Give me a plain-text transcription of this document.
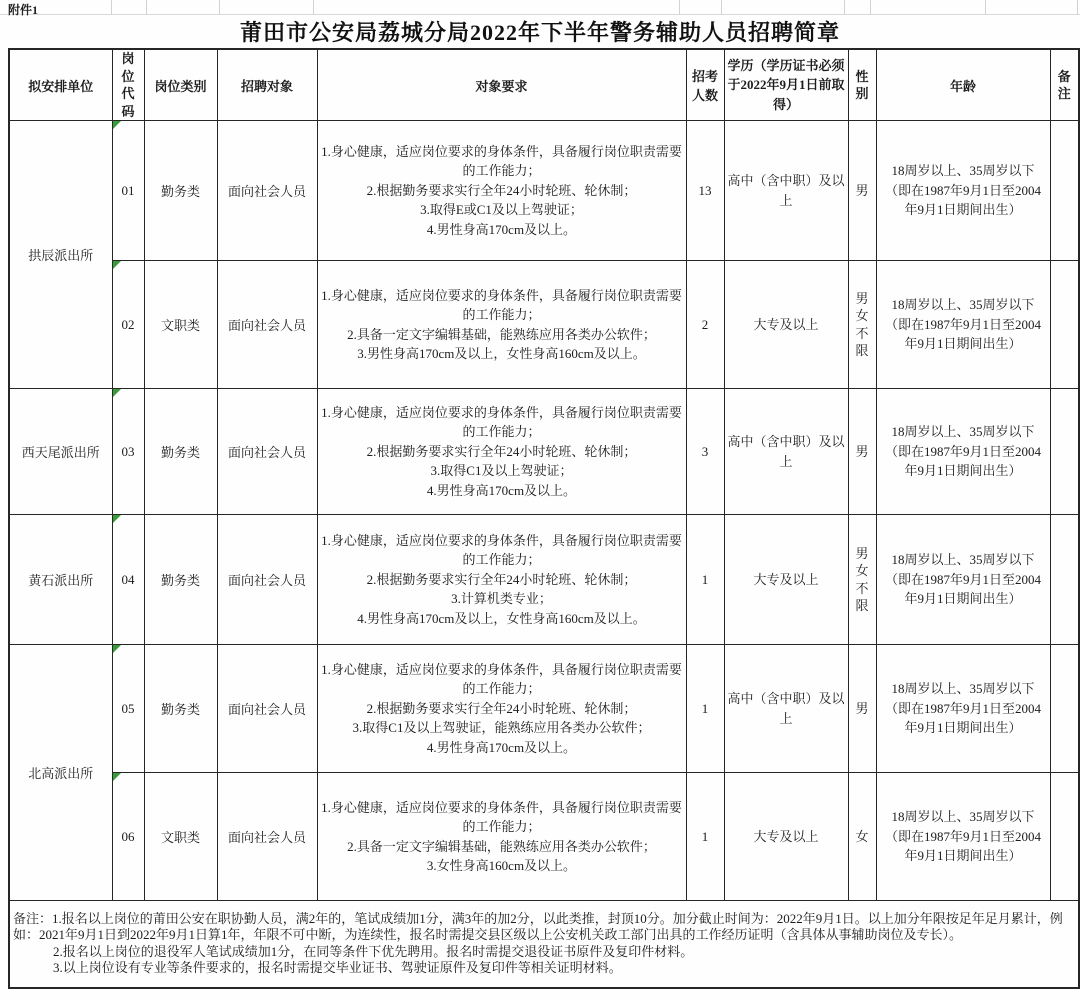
附件1
莆田市公安局荔城分局2022年下半年警务辅助人员招聘简章
拟安排单位	岗位代码	岗位类别	招聘对象	对象要求	招考人数	学历（学历证书必须于2022年9月1日前取得）	性别	年龄	备注
拱辰派出所	01	勤务类	面向社会人员	1.身心健康，适应岗位要求的身体条件，具备履行岗位职责需要的工作能力；
2.根据勤务要求实行全年24小时轮班、轮休制；
3.取得E或C1及以上驾驶证；
4.男性身高170cm及以上。	13	高中（含中职）及以上	男	18周岁以上、35周岁以下（即在1987年9月1日至2004年9月1日期间出生）	

02	文职类	面向社会人员	1.身心健康，适应岗位要求的身体条件，具备履行岗位职责需要的工作能力；
2.具备一定文字编辑基础，能熟练应用各类办公软件；
3.男性身高170cm及以上，女性身高160cm及以上。	2	大专及以上	男女不限	18周岁以上、35周岁以下（即在1987年9月1日至2004年9月1日期间出生）	
西天尾派出所	03	勤务类	面向社会人员	1.身心健康，适应岗位要求的身体条件，具备履行岗位职责需要的工作能力；
2.根据勤务要求实行全年24小时轮班、轮休制；
3.取得C1及以上驾驶证；
4.男性身高170cm及以上。	3	高中（含中职）及以上	男	18周岁以上、35周岁以下（即在1987年9月1日至2004年9月1日期间出生）	
黄石派出所	04	勤务类	面向社会人员	1.身心健康，适应岗位要求的身体条件，具备履行岗位职责需要的工作能力；
2.根据勤务要求实行全年24小时轮班、轮休制；
3.计算机类专业；
4.男性身高170cm及以上，女性身高160cm及以上。	1	大专及以上	男女不限	18周岁以上、35周岁以下（即在1987年9月1日至2004年9月1日期间出生）	
北高派出所	05	勤务类	面向社会人员	1.身心健康，适应岗位要求的身体条件，具备履行岗位职责需要的工作能力；
2.根据勤务要求实行全年24小时轮班、轮休制；
3.取得C1及以上驾驶证，能熟练应用各类办公软件；
4.男性身高170cm及以上。	1	高中（含中职）及以上	男	18周岁以上、35周岁以下（即在1987年9月1日至2004年9月1日期间出生）	

06	文职类	面向社会人员	1.身心健康，适应岗位要求的身体条件，具备履行岗位职责需要的工作能力；
2.具备一定文字编辑基础，能熟练应用各类办公软件；
3.女性身高160cm及以上。	1	大专及以上	女	18周岁以上、35周岁以下（即在1987年9月1日至2004年9月1日期间出生）	

备注：1.报名以上岗位的莆田公安在职协勤人员，满2年的，笔试成绩加1分，满3年的加2分，以此类推，封顶10分。加分截止时间为：2022年9月1日。以上加分年限按足年足月累计，例如：2021年9月1日到2022年9月1日算1年，年限不可中断，为连续性，报名时需提交县区级以上公安机关政工部门出具的工作经历证明（含具体从事辅助岗位及专长）。

2.报名以上岗位的退役军人笔试成绩加1分，在同等条件下优先聘用。报名时需提交退役证书原件及复印件材料。

3.以上岗位设有专业等条件要求的，报名时需提交毕业证书、驾驶证原件及复印件等相关证明材料。									
